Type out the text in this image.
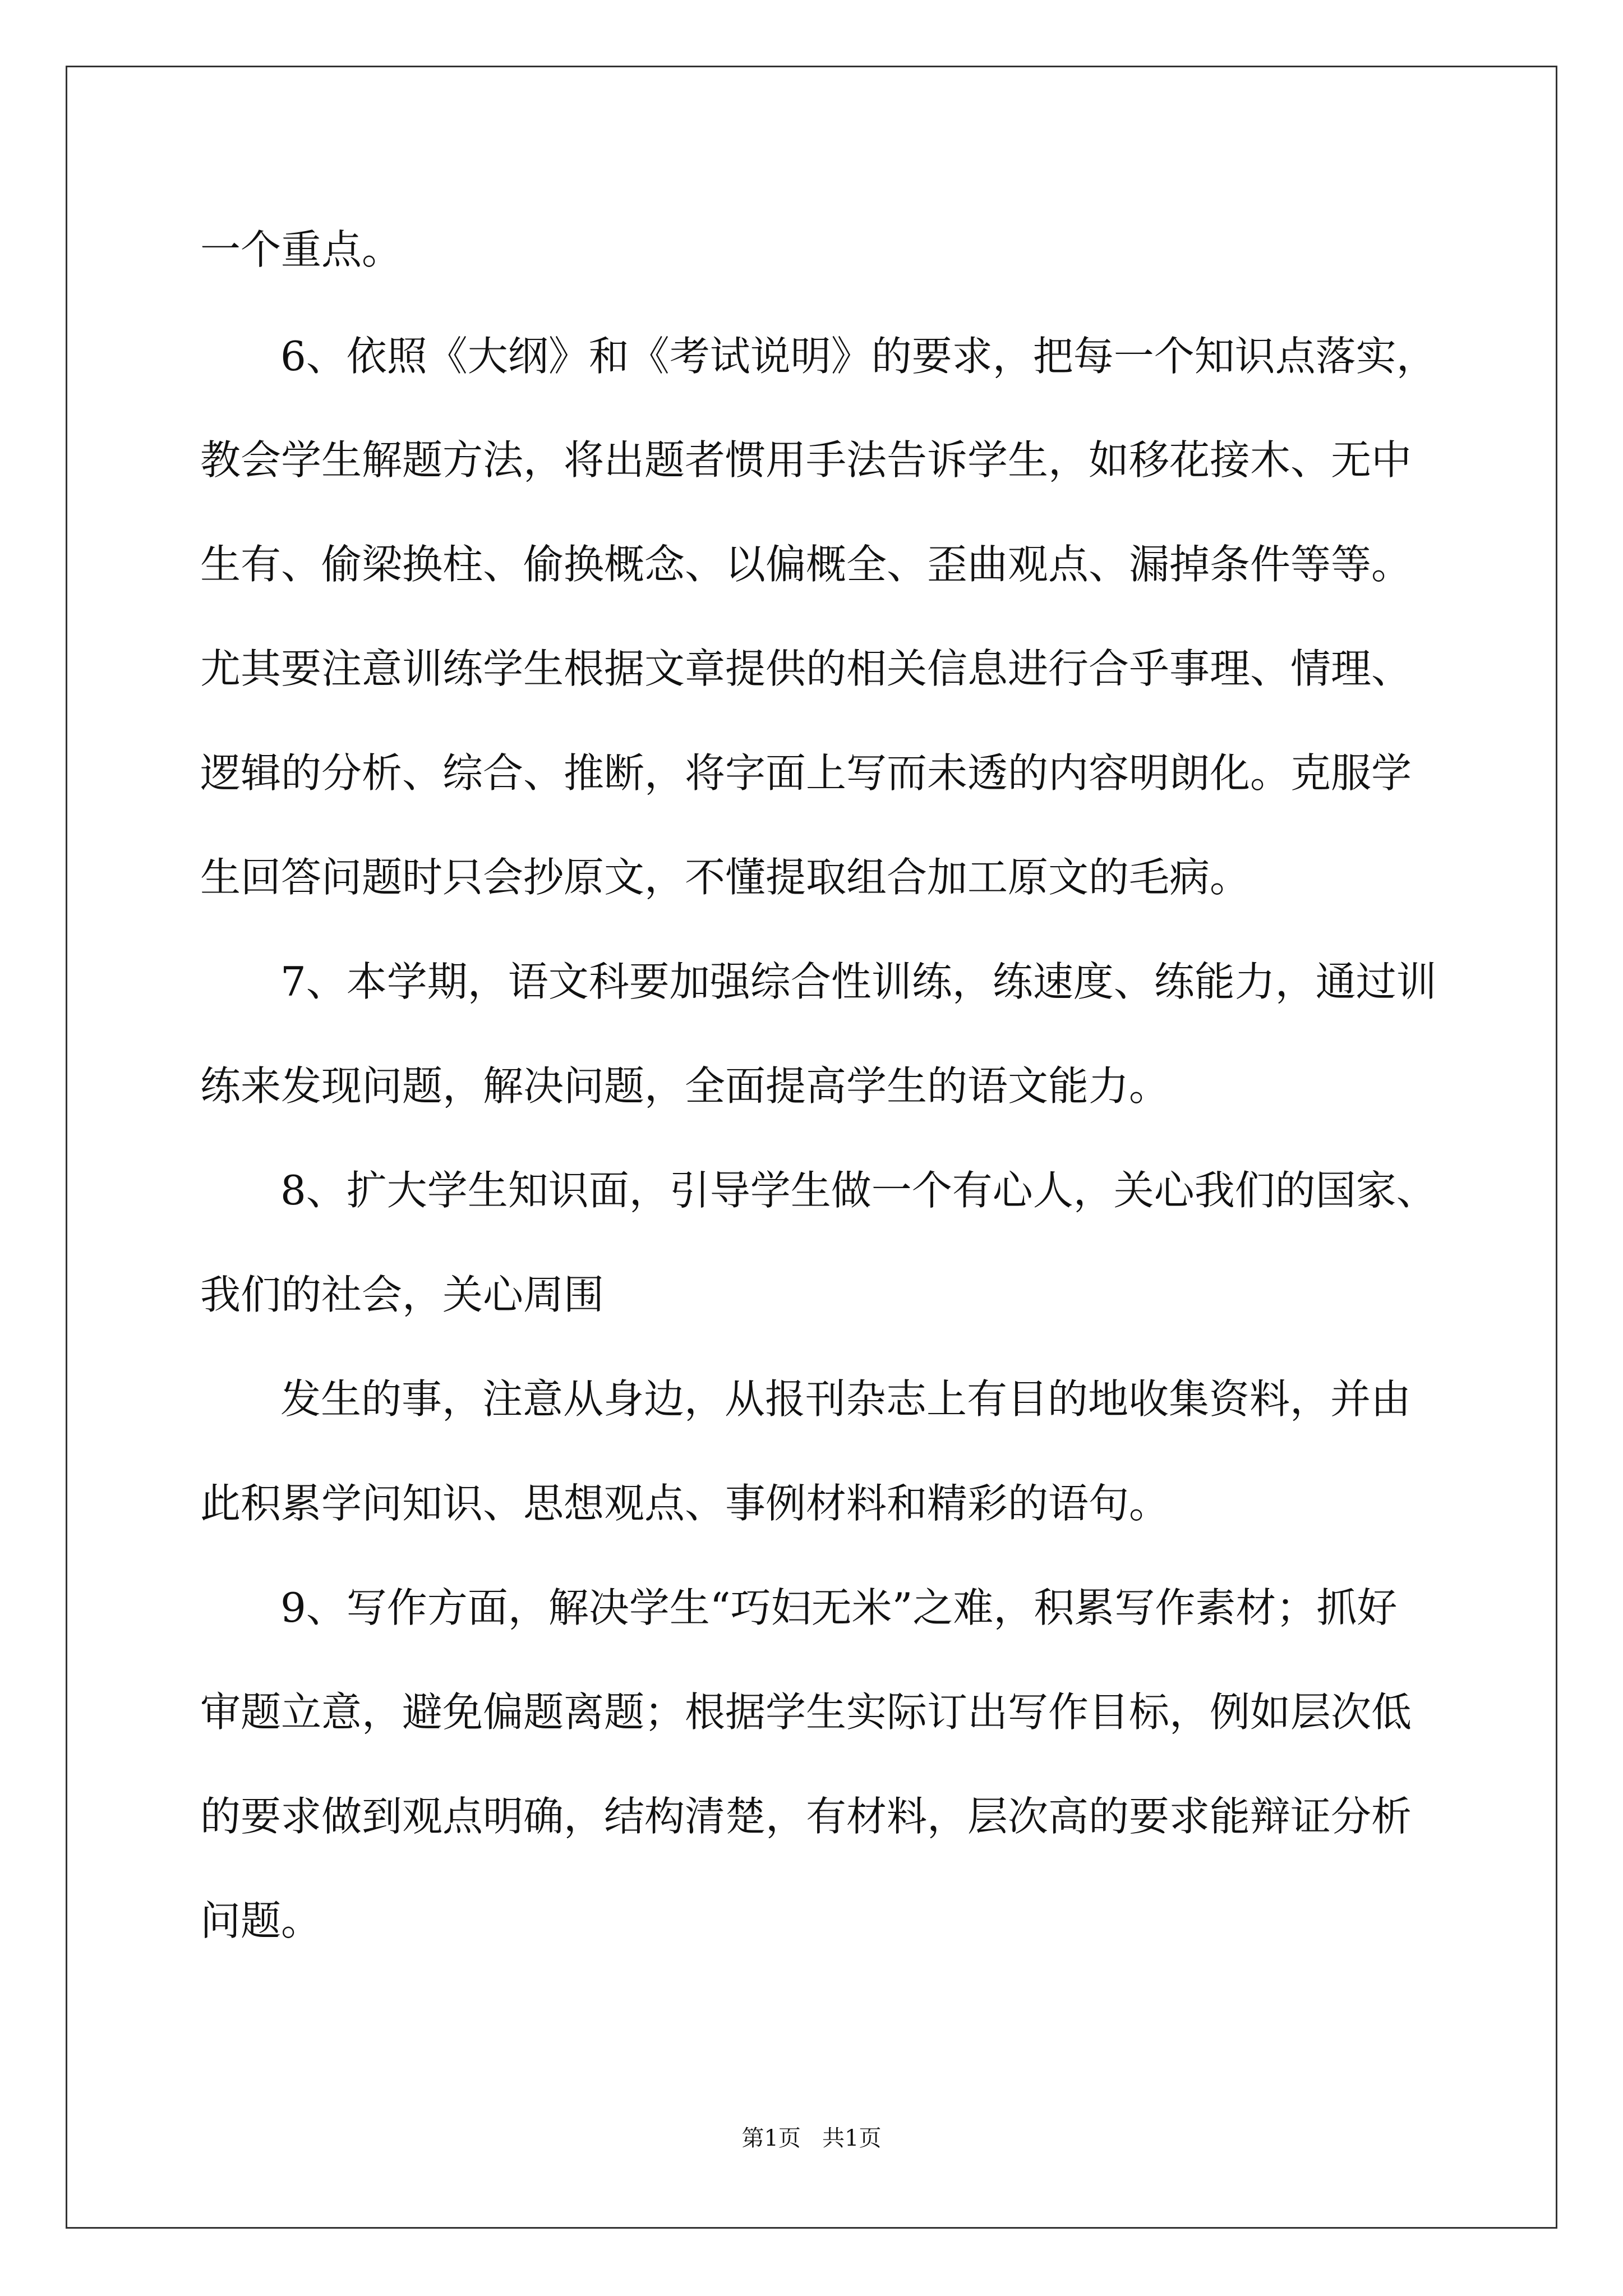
一个重点。
6、依照《大纲》和《考试说明》的要求，把每一个知识点落实，
教会学生解题方法，将出题者惯用手法告诉学生，如移花接木、无中
生有、偷梁换柱、偷换概念、以偏概全、歪曲观点、漏掉条件等等。
尤其要注意训练学生根据文章提供的相关信息进行合乎事理、情理、
逻辑的分析、综合、推断，将字面上写而未透的内容明朗化。克服学
生回答问题时只会抄原文，不懂提取组合加工原文的毛病。
7、本学期，语文科要加强综合性训练，练速度、练能力，通过训
练来发现问题，解决问题，全面提高学生的语文能力。
8、扩大学生知识面，引导学生做一个有心人，关心我们的国家、
我们的社会，关心周围
发生的事，注意从身边，从报刊杂志上有目的地收集资料，并由
此积累学问知识、思想观点、事例材料和精彩的语句。
9、写作方面，解决学生“巧妇无米”之难，积累写作素材；抓好
审题立意，避免偏题离题；根据学生实际订出写作目标，例如层次低
的要求做到观点明确，结构清楚，有材料，层次高的要求能辩证分析
问题。
第1页   共1页
